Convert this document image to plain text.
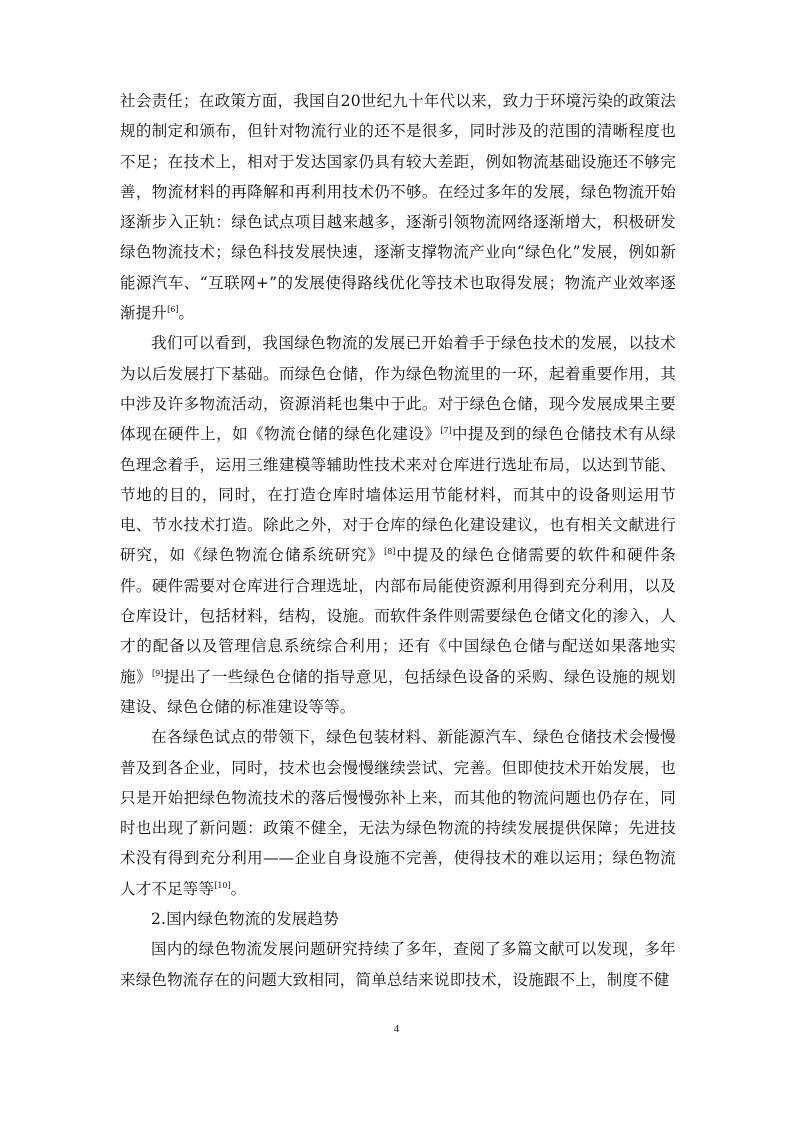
社会责任；在政策方面，我国自20世纪九十年代以来，致力于环境污染的政策法规的制定和颁布，但针对物流行业的还不是很多，同时涉及的范围的清晰程度也不足；在技术上，相对于发达国家仍具有较大差距，例如物流基础设施还不够完善，物流材料的再降解和再利用技术仍不够。在经过多年的发展，绿色物流开始逐渐步入正轨：绿色试点项目越来越多，逐渐引领物流网络逐渐增大，积极研发绿色物流技术；绿色科技发展快速，逐渐支撑物流产业向“绿色化”发展，例如新能源汽车、“互联网+”的发展使得路线优化等技术也取得发展；物流产业效率逐渐提升[6]。

我们可以看到，我国绿色物流的发展已开始着手于绿色技术的发展，以技术为以后发展打下基础。而绿色仓储，作为绿色物流里的一环，起着重要作用，其中涉及许多物流活动，资源消耗也集中于此。对于绿色仓储，现今发展成果主要体现在硬件上，如《物流仓储的绿色化建设》[7]中提及到的绿色仓储技术有从绿色理念着手，运用三维建模等辅助性技术来对仓库进行选址布局，以达到节能、节地的目的，同时，在打造仓库时墙体运用节能材料，而其中的设备则运用节电、节水技术打造。除此之外，对于仓库的绿色化建设建议，也有相关文献进行研究，如《绿色物流仓储系统研究》[8]中提及的绿色仓储需要的软件和硬件条件。硬件需要对仓库进行合理选址，内部布局能使资源利用得到充分利用，以及仓库设计，包括材料，结构，设施。而软件条件则需要绿色仓储文化的渗入，人才的配备以及管理信息系统综合利用；还有《中国绿色仓储与配送如果落地实施》[9]提出了一些绿色仓储的指导意见，包括绿色设备的采购、绿色设施的规划建设、绿色仓储的标准建设等等。

在各绿色试点的带领下，绿色包装材料、新能源汽车、绿色仓储技术会慢慢普及到各企业，同时，技术也会慢慢继续尝试、完善。但即使技术开始发展，也只是开始把绿色物流技术的落后慢慢弥补上来，而其他的物流问题也仍存在，同时也出现了新问题：政策不健全，无法为绿色物流的持续发展提供保障；先进技术没有得到充分利用——企业自身设施不完善，使得技术的难以运用；绿色物流人才不足等等[10]。

2.国内绿色物流的发展趋势

国内的绿色物流发展问题研究持续了多年，查阅了多篇文献可以发现，多年来绿色物流存在的问题大致相同，简单总结来说即技术，设施跟不上，制度不健

4
